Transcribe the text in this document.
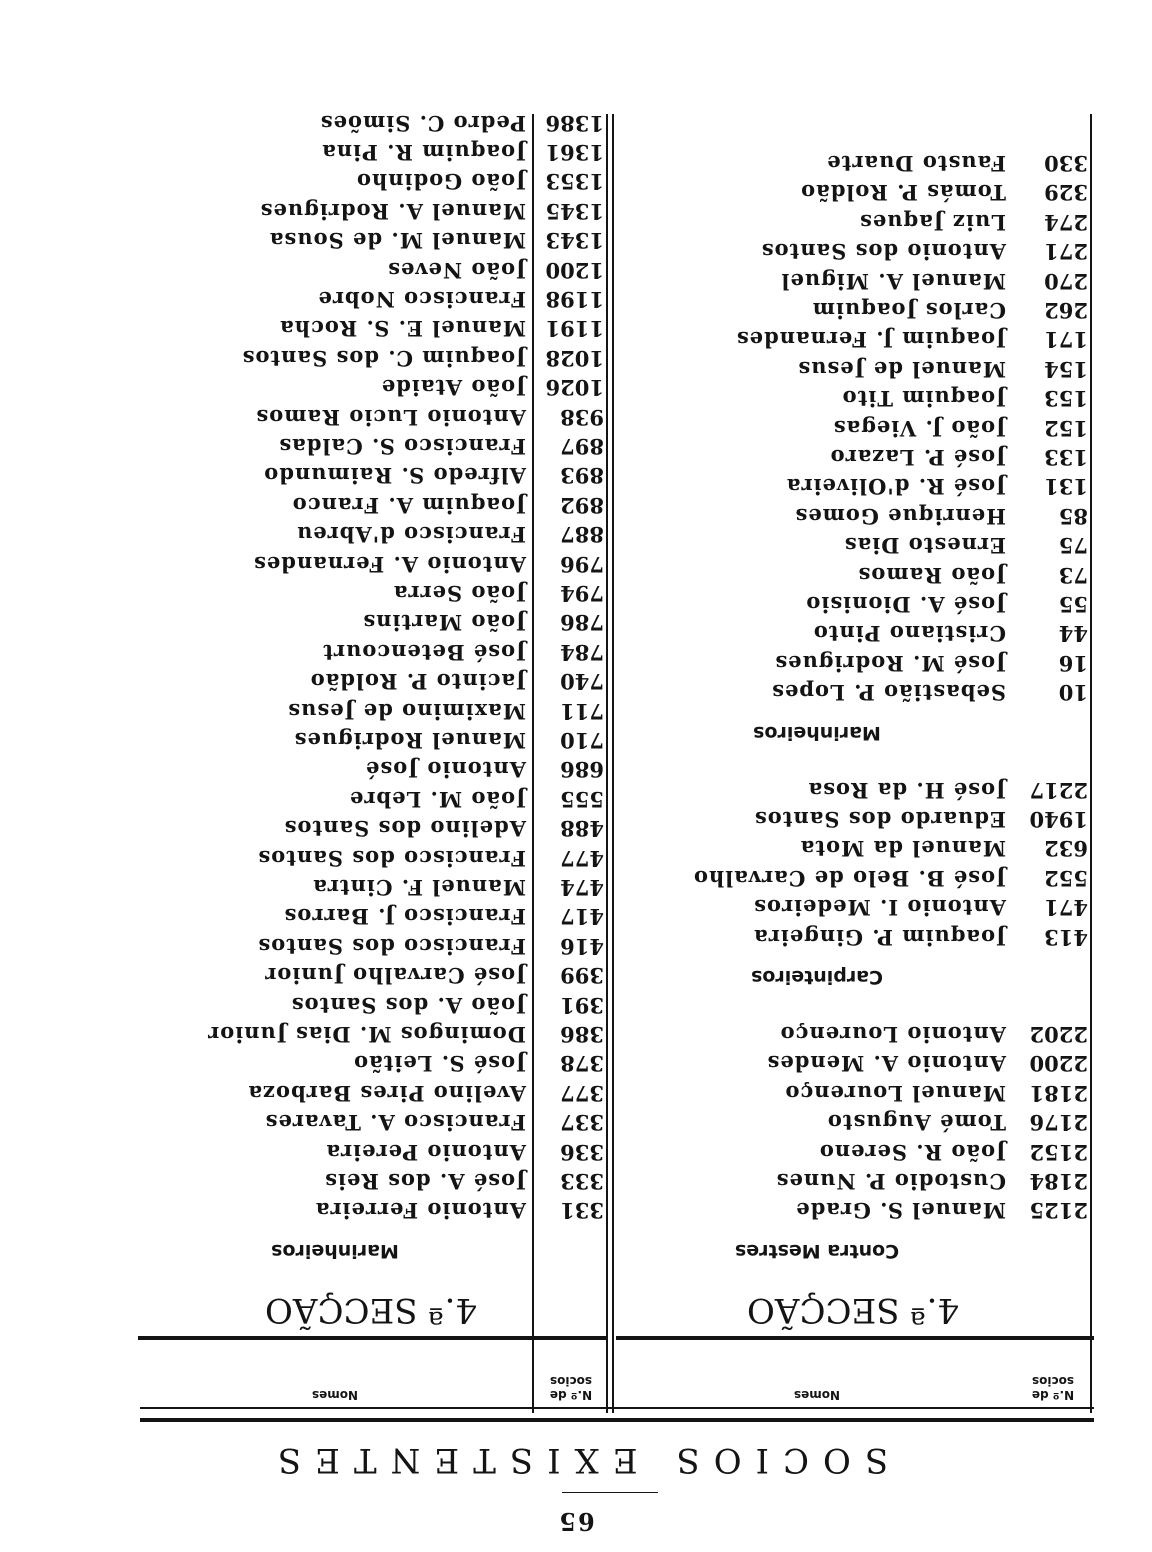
65
SOCIOS EXISTENTES
N.º de socios
Nomes
N.º de socios
Nomes
4.ª SECÇÃO
4.ª SECÇÃO
Contra Mestres
2125
Manuel S. Grade
2184
Custodio P. Nunes
2152
João R. Sereno
2176
Tomé Augusto
2181
Manuel Lourenço
2200
Antonio A. Mendes
2202
Antonio Lourenço
Carpinteiros
413
Joaquim P. Gingeira
471
Antonio I. Medeiros
552
José B. Belo de Carvalho
632
Manuel da Mota
1940
Eduardo dos Santos
2217
José H. da Rosa
Marinheiros
10
Sebastião P. Lopes
16
José M. Rodrigues
44
Cristiano Pinto
55
José A. Dionisio
73
João Ramos
75
Ernesto Dias
85
Henrique Gomes
131
José R. d'Oliveira
133
José P. Lazaro
152
João J. Viegas
153
Joaquim Tito
154
Manuel de Jesus
171
Joaquim J. Fernandes
262
Carlos Joaquim
270
Manuel A. Miguel
271
Antonio dos Santos
274
Luiz Jaques
329
Tomás P. Roldão
330
Fausto Duarte
Marinheiros
331
Antonio Ferreira
333
José A. dos Reis
336
Antonio Pereira
337
Francisco A. Tavares
377
Avelino Pires Barboza
378
José S. Leitão
386
Domingos M. Dias Junior
391
João A. dos Santos
399
José Carvalho Junior
416
Francisco dos Santos
417
Francisco J. Barros
474
Manuel F. Cintra
477
Francisco dos Santos
488
Adelino dos Santos
555
João M. Lebre
686
Antonio José
710
Manuel Rodrigues
711
Maximino de Jesus
740
Jacinto P. Roldão
784
José Betencourt
786
João Martins
794
João Serra
796
Antonio A. Fernandes
887
Francisco d'Abreu
892
Joaquim A. Franco
893
Alfredo S. Raimundo
897
Francisco S. Caldas
938
Antonio Lucio Ramos
1026
João Ataide
1028
Joaquim C. dos Santos
1191
Manuel E. S. Rocha
1198
Francisco Nobre
1200
João Neves
1343
Manuel M. de Sousa
1345
Manuel A. Rodrigues
1353
João Godinho
1361
Joaquim R. Pina
1386
Pedro C. Simões
